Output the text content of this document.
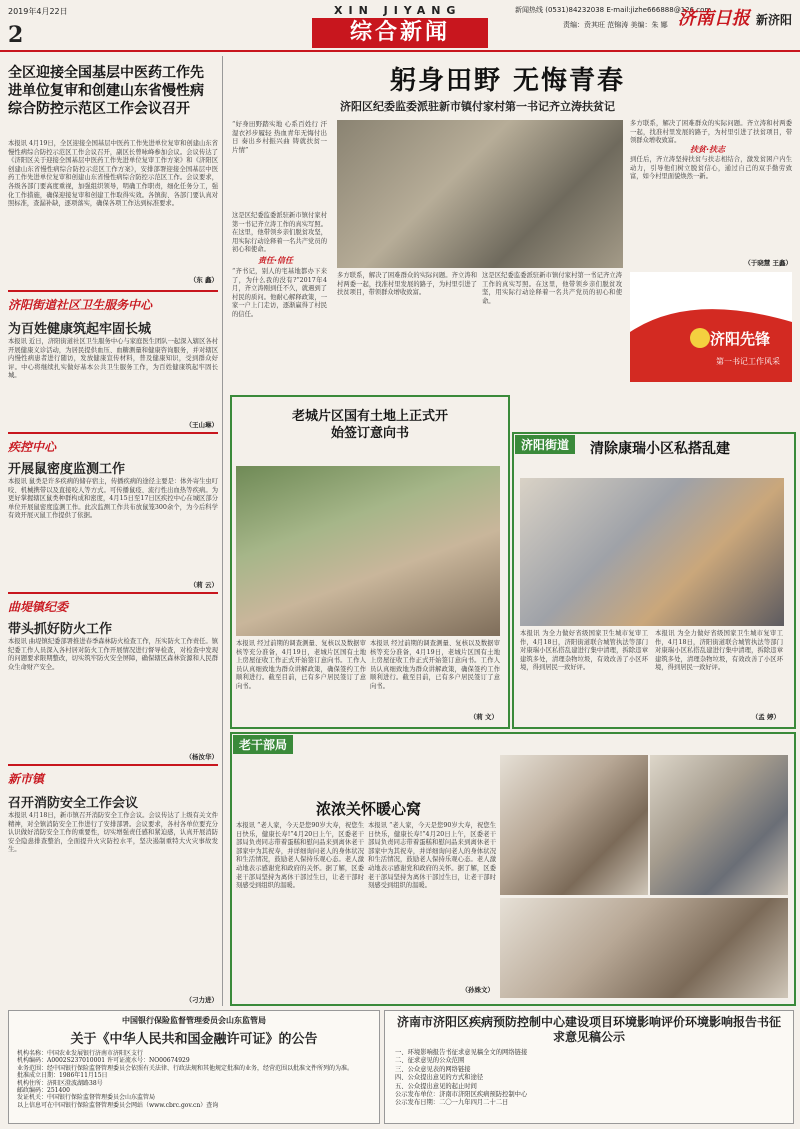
2019年4月22日
2
XIN JIYANG	新闻热线 (0531)84232038 E-mail:jizhe666888@126.com
责编：贲其旺 范锦涛 美编：朱 娜 济南日报 新济阳
综合新闻
全区迎接全国基层中医药工作先进单位复审和创建山东省慢性病综合防控示范区工作会议召开
本报讯 4月19日，全区迎接全国基层中医药工作先进单位复审和创建山东省慢性病综合防控示范区工作会议召开，副区长曾咏峰参加会议。会议传达了《济阳区关于迎接全国基层中医药工作先进单位复审工作方案》和《济阳区创建山东省慢性病综合防控示范区工作方案》，安排部署迎接全国基层中医药工作先进单位复审和创建山东省慢性病综合防控示范区工作。会议要求，各级各部门要高度重视，加强组织领导，明确工作职责，细化任务分工，强化工作措施，确保迎接复审和创建工作取得实效。各镇街、各部门要认真对照标准，查漏补缺，逐项落实，确保各项工作达到标准要求。
（东 鑫）
济阳街道社区卫生服务中心
为百姓健康筑起牢固长城
本报讯 近日，济阳街道社区卫生服务中心与家庭医生团队一起深入辖区各村开展健康义诊活动，为居民提供血压、血糖测量和健康咨询服务，并对辖区内慢性病患者进行随访，发放健康宣传材料，普及健康知识，受到群众好评。中心将继续扎实做好基本公共卫生服务工作，为百姓健康筑起牢固长城。
（王山琳）
疾控中心
开展鼠密度监测工作
本报讯 鼠类是许多疾病的储存宿主，传播疾病的途径主要是：体外寄生虫叮咬、机械携带以及直接咬人等方式。可传播鼠疫、流行性出血热等疾病。为更好掌握辖区鼠类种群构成和密度，4月15日至17日区疾控中心在城区部分单位开展鼠密度监测工作。此次监测工作共布放鼠笼300余个，为今后科学有效开展灭鼠工作提供了依据。
（莉 云）
曲堤镇纪委
带头抓好防火工作
本报讯 曲堤镇纪委部署推进春季森林防火检查工作，压实防火工作责任。镇纪委工作人员深入各村居对防火工作开展情况进行督导检查，对检查中发现的问题要求限期整改，切实筑牢防火安全屏障，确保辖区森林资源和人民群众生命财产安全。
（杨汝华）
新市镇
召开消防安全工作会议
本报讯 4月18日，新市镇召开消防安全工作会议。会议传达了上级有关文件精神，对全镇消防安全工作进行了安排部署。会议要求，各村各单位要充分认识做好消防安全工作的重要性，切实增强责任感和紧迫感，认真开展消防安全隐患排查整治，全面提升火灾防控水平，坚决遏制重特大火灾事故发生。
（刁力进）
躬身田野 无悔青春
济阳区纪委监委派驻新市镇付家村第一书记齐立涛扶贫记
“好身田野踏实地 心系百姓行 汗湿衣衫步履轻 热血青年无悔付出日 奏出乡村振兴曲 铸就扶贫一片情”
这是区纪委监委派驻新市镇付家村第一书记齐立涛工作的真实写照。在这里，他带领乡亲们脱贫攻坚，用实际行动诠释着一名共产党员的初心和使命。
责任·信任
“齐书记，别人的宅基地都办下来了，为什么我的没有?”2017年4月，齐立涛刚到任不久，就遇到了村民的质问。他耐心解释政策，一家一户上门走访，逐渐赢得了村民的信任。
多方联系，解决了困难群众的实际问题。齐立涛和村两委一起，找准村里发展的路子，为村里引进了扶贫项目，带领群众增收致富。
这是区纪委监委派驻新市镇付家村第一书记齐立涛工作的真实写照。在这里，他带领乡亲们脱贫攻坚，用实际行动诠释着一名共产党员的初心和使命。
多方联系，解决了困难群众的实际问题。齐立涛和村两委一起，找准村里发展的路子，为村里引进了扶贫项目，带领群众增收致富。
扶贫·扶志
到任后，齐立涛坚持扶贫与扶志相结合，激发贫困户内生动力，引导他们树立脱贫信心，通过自己的双手勤劳致富，如今村里面貌焕然一新。
（于晓慧 王鑫）
济阳先锋
第一书记工作风采
老城片区国有土地上正式开始签订意向书
本报讯 经过前期的调查测量、复核以及数据审核等充分准备，4月19日，老城片区国有土地上房屋征收工作正式开始签订意向书。工作人员认真细致地为群众讲解政策，确保签约工作顺利进行。截至目前，已有多户居民签订了意向书。
本报讯 经过前期的调查测量、复核以及数据审核等充分准备，4月19日，老城片区国有土地上房屋征收工作正式开始签订意向书。工作人员认真细致地为群众讲解政策，确保签约工作顺利进行。截至目前，已有多户居民签订了意向书。
（莉 文）
济阳街道	清除康瑞小区私搭乱建
本报讯 为全力做好省级国家卫生城市复审工作，4月18日，济阳街道联合城管执法等部门对康瑞小区私搭乱建进行集中清理，拆除违章建筑多处，清理杂物垃圾，有效改善了小区环境，得到居民一致好评。
本报讯 为全力做好省级国家卫生城市复审工作，4月18日，济阳街道联合城管执法等部门对康瑞小区私搭乱建进行集中清理，拆除违章建筑多处，清理杂物垃圾，有效改善了小区环境，得到居民一致好评。
（孟 婷）
老干部局
浓浓关怀暖心窝
本报讯 “老人家，今天是您90岁大寿，祝您生日快乐，健康长寿!”4月20日上午，区委老干部局负责同志带着蛋糕和慰问品来到离休老干部家中为其祝寿，并详细询问老人的身体状况和生活情况，鼓励老人保持乐观心态。老人激动地表示感谢党和政府的关怀。据了解，区委老干部局坚持为离休干部过生日，让老干部时刻感受到组织的温暖。
本报讯 “老人家，今天是您90岁大寿，祝您生日快乐，健康长寿!”4月20日上午，区委老干部局负责同志带着蛋糕和慰问品来到离休老干部家中为其祝寿，并详细询问老人的身体状况和生活情况，鼓励老人保持乐观心态。老人激动地表示感谢党和政府的关怀。据了解，区委老干部局坚持为离休干部过生日，让老干部时刻感受到组织的温暖。
（孙姝文）
中国银行保险监督管理委员会山东监管局
关于《中华人民共和国金融许可证》的公告
机构名称：中国农业发展银行济南市济阳区支行
机构编码：A0002S237010001 许可证流水号：NO00674929
业务范围：经中国银行保险监督管理委员会依照有关法律、行政法规和其他规定批准的业务，经营范围以批准文件所列的为准。
批准成立日期：1986年11月15日
机构住所：济阳区澄波湖路38号
邮政编码：251400
发证机关：中国银行保险监督管理委员会山东监管局
以上信息可在中国银行保险监督管理委员会网站（www.cbrc.gov.cn）查询
济南市济阳区疾病预防控制中心建设项目环境影响评价环境影响报告书征求意见稿公示
一、环境影响报告书征求意见稿全文的网络链接
二、征求意见的公众范围
三、公众意见表的网络链接
四、公众提出意见的方式和途径
五、公众提出意见的起止时间
公示发布单位：济南市济阳区疾病预防控制中心
公示发布日期：二〇一九年四月二十二日
